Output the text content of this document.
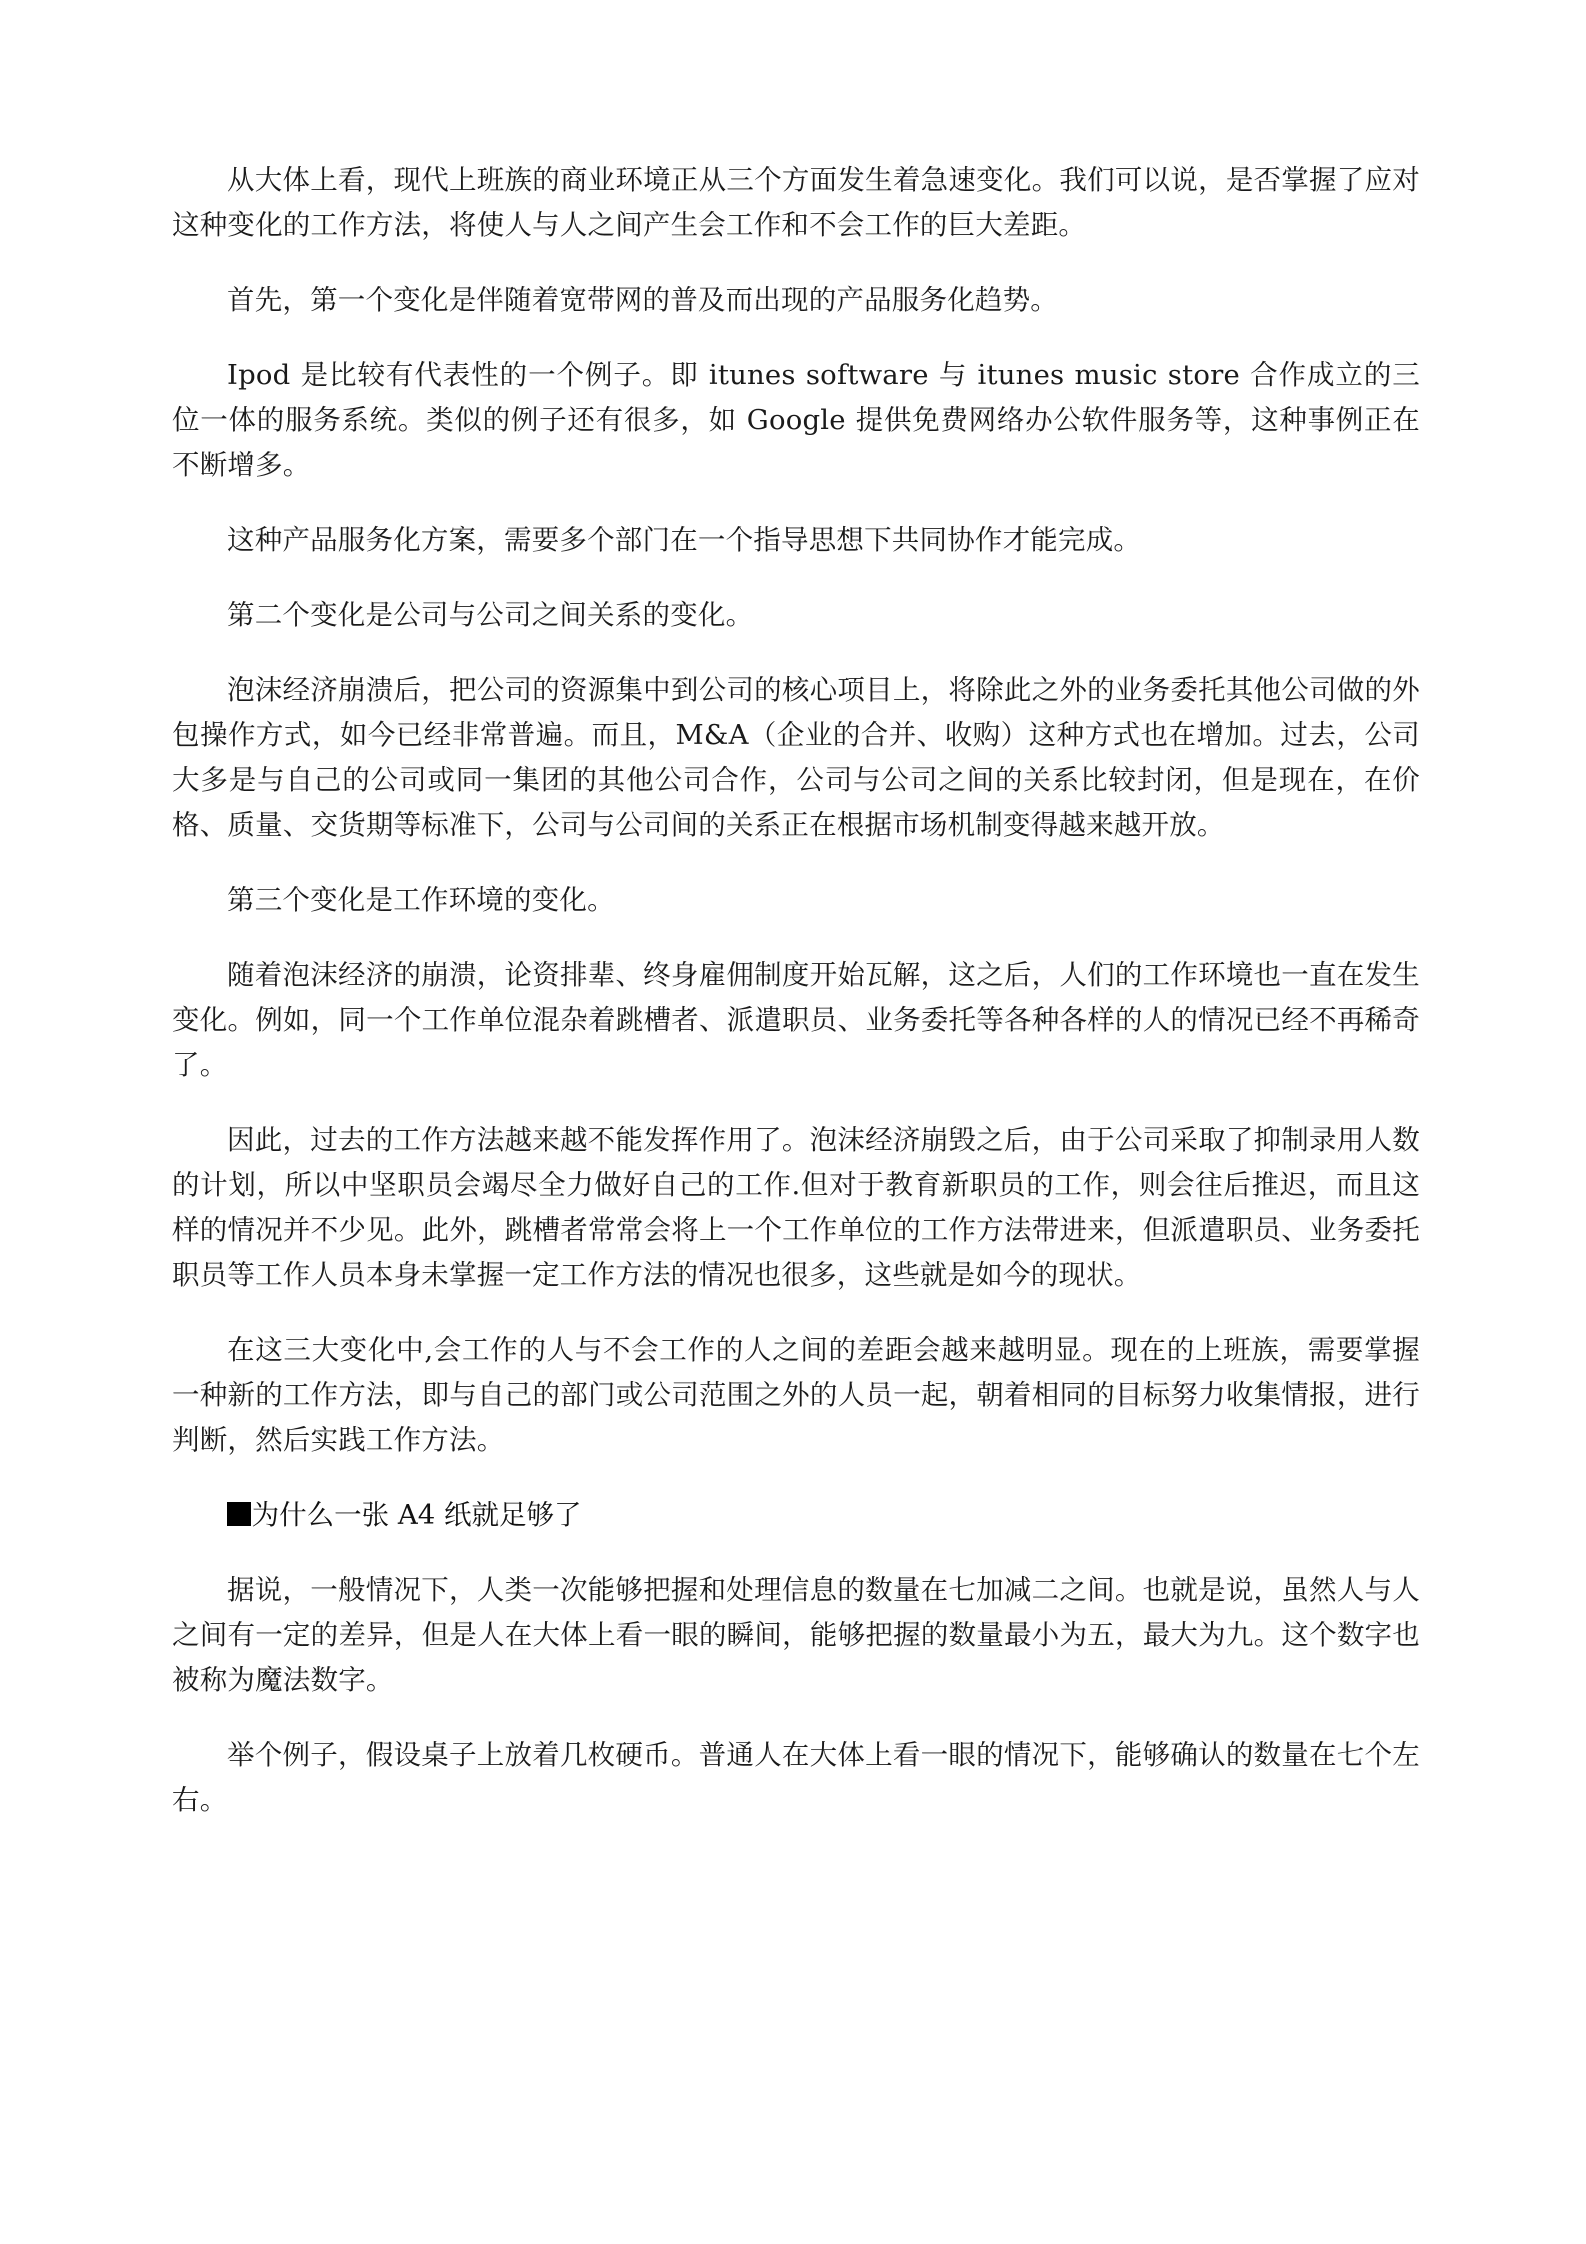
从大体上看，现代上班族的商业环境正从三个方面发生着急速变化。我们可以说，是否掌握了应对这种变化的工作方法，将使人与人之间产生会工作和不会工作的巨大差距。

首先，第一个变化是伴随着宽带网的普及而出现的产品服务化趋势。

Ipod 是比较有代表性的一个例子。即 itunes software 与 itunes music store 合作成立的三位一体的服务系统。类似的例子还有很多，如 Google 提供免费网络办公软件服务等，这种事例正在不断增多。

这种产品服务化方案，需要多个部门在一个指导思想下共同协作才能完成。

第二个变化是公司与公司之间关系的变化。

泡沫经济崩溃后，把公司的资源集中到公司的核心项目上，将除此之外的业务委托其他公司做的外包操作方式，如今已经非常普遍。而且，M&A（企业的合并、收购）这种方式也在增加。过去，公司大多是与自己的公司或同一集团的其他公司合作，公司与公司之间的关系比较封闭，但是现在，在价格、质量、交货期等标准下，公司与公司间的关系正在根据市场机制变得越来越开放。

第三个变化是工作环境的变化。

随着泡沫经济的崩溃，论资排辈、终身雇佣制度开始瓦解，这之后，人们的工作环境也一直在发生变化。例如，同一个工作单位混杂着跳槽者、派遣职员、业务委托等各种各样的人的情况已经不再稀奇了。

因此，过去的工作方法越来越不能发挥作用了。泡沫经济崩毁之后，由于公司采取了抑制录用人数的计划，所以中坚职员会竭尽全力做好自己的工作.但对于教育新职员的工作，则会往后推迟，而且这样的情况并不少见。此外，跳槽者常常会将上一个工作单位的工作方法带进来，但派遣职员、业务委托职员等工作人员本身未掌握一定工作方法的情况也很多，这些就是如今的现状。

在这三大变化中,会工作的人与不会工作的人之间的差距会越来越明显。现在的上班族，需要掌握一种新的工作方法，即与自己的部门或公司范围之外的人员一起，朝着相同的目标努力收集情报，进行判断，然后实践工作方法。

为什么一张 A4 纸就足够了

据说，一般情况下，人类一次能够把握和处理信息的数量在七加减二之间。也就是说，虽然人与人之间有一定的差异，但是人在大体上看一眼的瞬间，能够把握的数量最小为五，最大为九。这个数字也被称为魔法数字。

举个例子，假设桌子上放着几枚硬币。普通人在大体上看一眼的情况下，能够确认的数量在七个左右。
